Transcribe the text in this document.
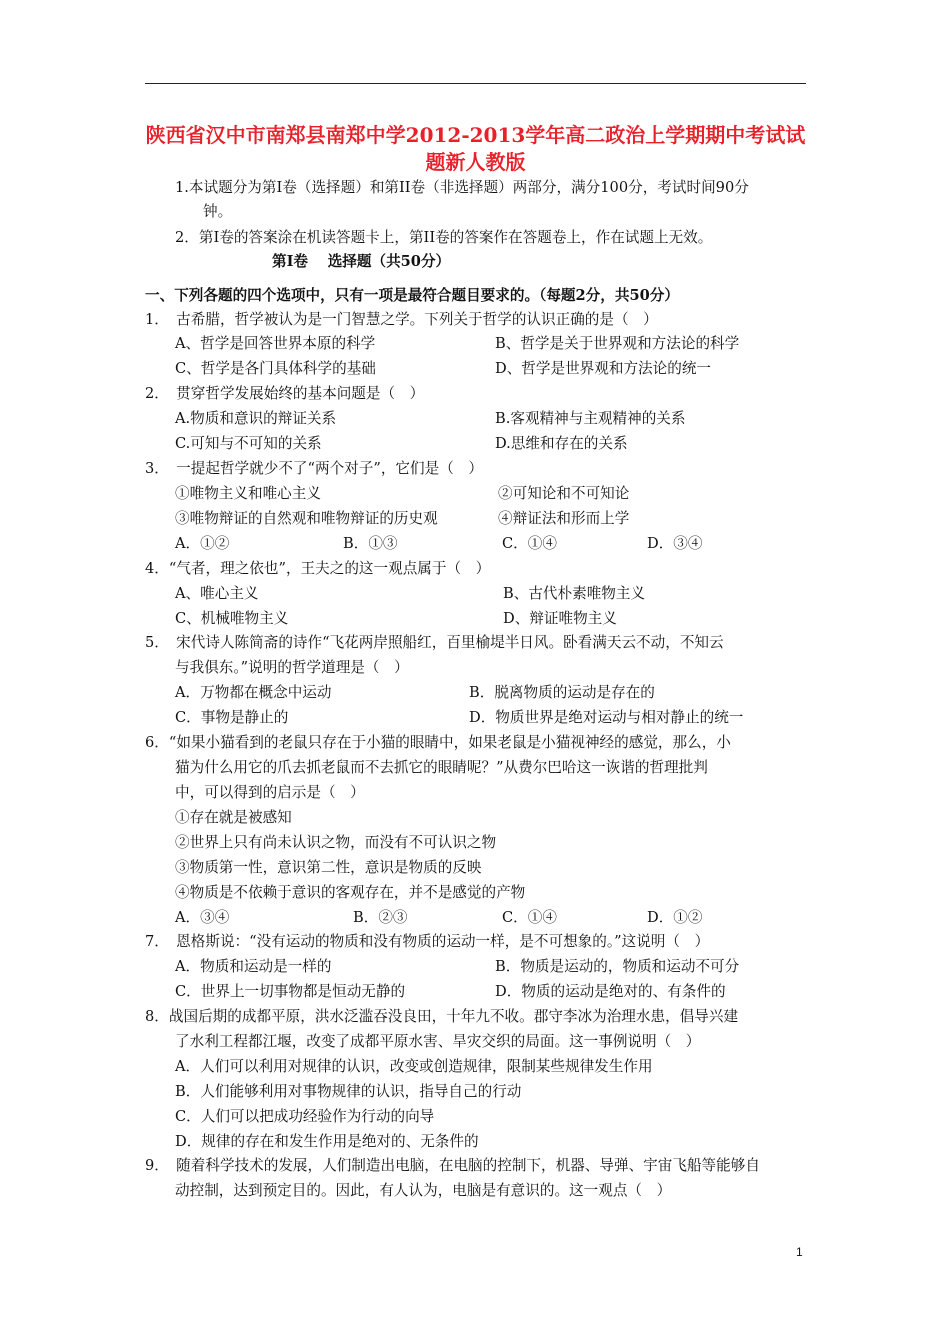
陕西省汉中市南郑县南郑中学2012-2013学年高二政治上学期期中考试试题新人教版
1.本试题分为第I卷（选择题）和第II卷（非选择题）两部分，满分100分，考试时间90分
钟。
2．第I卷的答案涂在机读答题卡上，第II卷的答案作在答题卷上，作在试题上无效。
第Ⅰ卷　 选择题（共50分）
一、下列各题的四个选项中，只有一项是最符合题目要求的。（每题2分，共50分）
1．　古希腊，哲学被认为是一门智慧之学。下列关于哲学的认识正确的是（　）
A、哲学是回答世界本原的科学	B、哲学是关于世界观和方法论的科学
C、哲学是各门具体科学的基础	D、哲学是世界观和方法论的统一
2．　贯穿哲学发展始终的基本问题是（　）
A.物质和意识的辩证关系	B.客观精神与主观精神的关系
C.可知与不可知的关系	D.思维和存在的关系
3．　一提起哲学就少不了“两个对子”，它们是（　）
①唯物主义和唯心主义	②可知论和不可知论
③唯物辩证的自然观和唯物辩证的历史观	④辩证法和形而上学
A．①②	B．①③	C．①④	D．③④
4．“气者，理之依也”，王夫之的这一观点属于（　）
A、唯心主义	B、古代朴素唯物主义
C、机械唯物主义	D、辩证唯物主义
5．　宋代诗人陈简斋的诗作“飞花两岸照船红，百里榆堤半日风。卧看满天云不动，不知云
与我俱东。”说明的哲学道理是（　）
A．万物都在概念中运动	B．脱离物质的运动是存在的
C．事物是静止的	D．物质世界是绝对运动与相对静止的统一
6．“如果小猫看到的老鼠只存在于小猫的眼睛中，如果老鼠是小猫视神经的感觉，那么，小
猫为什么用它的爪去抓老鼠而不去抓它的眼睛呢？”从费尔巴哈这一诙谐的哲理批判
中，可以得到的启示是（　）
①存在就是被感知
②世界上只有尚未认识之物，而没有不可认识之物
③物质第一性，意识第二性，意识是物质的反映
④物质是不依赖于意识的客观存在，并不是感觉的产物
A．③④	B．②③	C．①④	D．①②
7．　恩格斯说：“没有运动的物质和没有物质的运动一样，是不可想象的。”这说明（　）
A．物质和运动是一样的	B．物质是运动的，物质和运动不可分
C．世界上一切事物都是恒动无静的	D．物质的运动是绝对的、有条件的
8．战国后期的成都平原，洪水泛滥吞没良田，十年九不收。郡守李冰为治理水患，倡导兴建
了水利工程都江堰，改变了成都平原水害、旱灾交织的局面。这一事例说明（　）
A．人们可以利用对规律的认识，改变或创造规律，限制某些规律发生作用
B．人们能够利用对事物规律的认识，指导自己的行动
C．人们可以把成功经验作为行动的向导
D．规律的存在和发生作用是绝对的、无条件的
9．　随着科学技术的发展，人们制造出电脑，在电脑的控制下，机器、导弹、宇宙飞船等能够自
动控制，达到预定目的。因此，有人认为，电脑是有意识的。这一观点（　）
1
